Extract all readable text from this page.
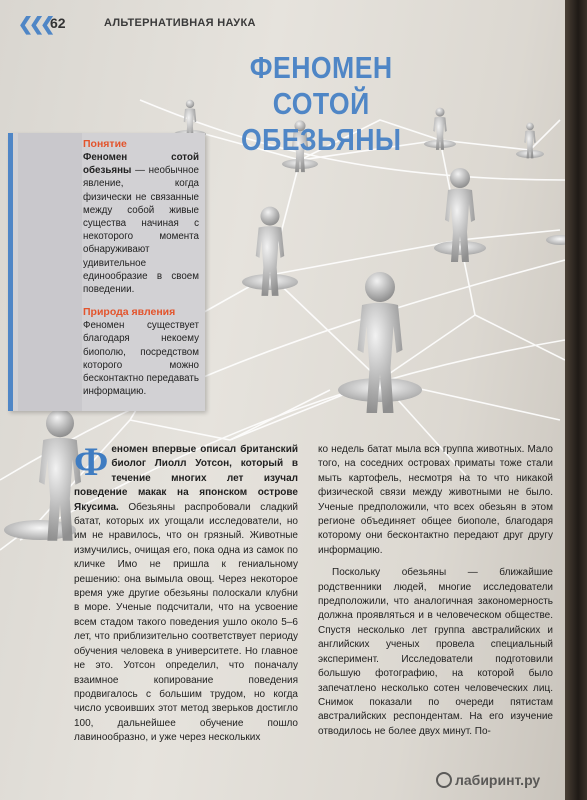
❮❮❮
62	АЛЬТЕРНАТИВНАЯ НАУКА
ФЕНОМЕН СОТОЙ
ОБЕЗЬЯНЫ
Понятие
Феномен сотой обезьяны — необычное явление, когда физически не связанные между собой живые существа начиная с некоторого момента обнаруживают удивительное единообразие в своем поведении.
Природа явления
Феномен существует благодаря некоему биополю, посредством которого можно бесконтактно передавать информацию.

Феномен впервые описал британский биолог Лиолл Уотсон, который в течение многих лет изучал поведение макак на японском острове Якусима. Обезьяны распробовали сладкий батат, которых их угощали исследователи, но им не нравилось, что он грязный. Животные измучились, очищая его, пока одна из самок по кличке Имо не пришла к гениальному решению: она вымыла овощ. Через некоторое время уже другие обезьяны полоскали клубни в море. Ученые подсчитали, что на усвоение всем стадом такого поведения ушло около 5–6 лет, что приблизительно соответствует периоду обучения человека в университете. Но главное не это. Уотсон определил, что поначалу взаимное копирование поведения продвигалось с большим трудом, но когда число усвоивших этот метод зверьков достигло 100, дальнейшее обучение пошло лавинообразно, и уже через нескольких

ко недель батат мыла вся группа животных. Мало того, на соседних островах приматы тоже стали мыть картофель, несмотря на то что никакой физической связи между животными не было. Ученые предположили, что всех обезьян в этом регионе объединяет общее биополе, благодаря которому они бесконтактно передают друг другу информацию.

Поскольку обезьяны — ближайшие родственники людей, многие исследователи предположили, что аналогичная закономерность должна проявляться и в человеческом обществе. Спустя несколько лет группа австралийских и английских ученых провела специальный эксперимент. Исследователи подготовили большую фотографию, на которой было запечатлено несколько сотен человеческих лиц. Снимок показали по очереди пятистам австралийских респондентам. На его изучение отводилось не более двух минут. По-

лабиринт.ру
